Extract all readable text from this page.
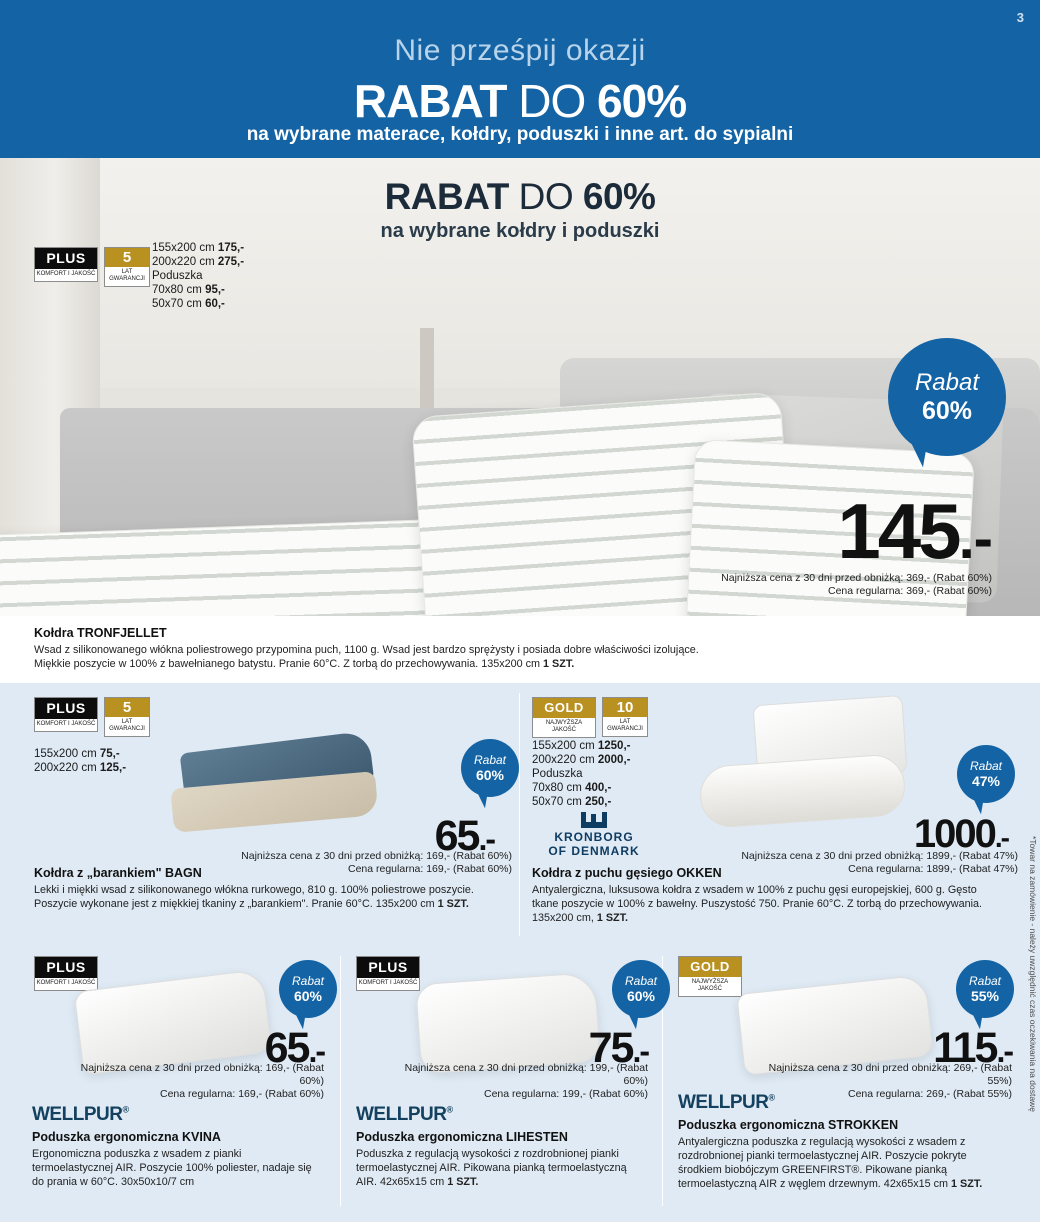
3
Nie prześpij okazji
RABAT DO 60%
na wybrane materace, kołdry, poduszki i inne art. do sypialni
RABAT DO 60%
na wybrane kołdry i poduszki
PLUS
KOMFORT I JAKOŚĆ
5
LAT GWARANCJI
155x200 cm 175,-
200x220 cm 275,-
Poduszka
70x80 cm 95,-
50x70 cm 60,-
Rabat
60%
145.-
Najniższa cena z 30 dni przed obniżką: 369,- (Rabat 60%)
Cena regularna: 369,- (Rabat 60%)
Kołdra TRONFJELLET
Wsad z silikonowanego włókna poliestrowego przypomina puch, 1100 g. Wsad jest bardzo sprężysty i posiada dobre właściwości izolujące. Miękkie poszycie w 100% z bawełnianego batystu. Pranie 60°C. Z torbą do przechowywania. 135x200 cm 1 SZT.
PLUS
KOMFORT I JAKOŚĆ
5
LAT GWARANCJI
155x200 cm 75,-
200x220 cm 125,-
Rabat
60%
65.-
Najniższa cena z 30 dni przed obniżką: 169,- (Rabat 60%)
Cena regularna: 169,- (Rabat 60%)
Kołdra z „barankiem" BAGN
Lekki i miękki wsad z silikonowanego włókna rurkowego, 810 g. 100% poliestrowe poszycie. Poszycie wykonane jest z miękkiej tkaniny z „barankiem". Pranie 60°C. 135x200 cm 1 SZT.
GOLD
NAJWYŻSZA JAKOŚĆ
10
LAT GWARANCJI
155x200 cm 1250,-
200x220 cm 2000,-
Poduszka
70x80 cm 400,-
50x70 cm 250,-
Rabat
47%
KRONBORG
OF DENMARK	1000.-
Najniższa cena z 30 dni przed obniżką: 1899,- (Rabat 47%)
Cena regularna: 1899,- (Rabat 47%)
Kołdra z puchu gęsiego OKKEN
Antyalergiczna, luksusowa kołdra z wsadem w 100% z puchu gęsi europejskiej, 600 g. Gęsto tkane poszycie w 100% z bawełny. Puszystość 750. Pranie 60°C. Z torbą do przechowywania. 135x200 cm, 1 SZT.
PLUS
KOMFORT I JAKOŚĆ	Rabat
60%
65.-
Najniższa cena z 30 dni przed obniżką: 169,- (Rabat 60%)
Cena regularna: 169,- (Rabat 60%)
WELLPUR®
Poduszka ergonomiczna KVINA
Ergonomiczna poduszka z wsadem z pianki termoelastycznej AIR. Poszycie 100% poliester, nadaje się do prania w 60°C. 30x50x10/7 cm
PLUS
KOMFORT I JAKOŚĆ	Rabat
60%
75.-
Najniższa cena z 30 dni przed obniżką: 199,- (Rabat 60%)
Cena regularna: 199,- (Rabat 60%)
WELLPUR®
Poduszka ergonomiczna LIHESTEN
Poduszka z regulacją wysokości z rozdrobnionej pianki termoelastycznej AIR. Pikowana pianką termoelastyczną AIR. 42x65x15 cm 1 SZT.
GOLD
NAJWYŻSZA JAKOŚĆ
Rabat
55%
115.-
Najniższa cena z 30 dni przed obniżką: 269,- (Rabat 55%)
Cena regularna: 269,- (Rabat 55%)
WELLPUR®
Poduszka ergonomiczna STROKKEN
Antyalergiczna poduszka z regulacją wysokości z wsadem z rozdrobnionej pianki termoelastycznej AIR. Poszycie pokryte środkiem biobójczym GREENFIRST®. Pikowane pianką termoelastyczną AIR z węglem drzewnym. 42x65x15 cm 1 SZT.
*Towar na zamówienie - należy uwzględnić czas oczekiwania na dostawę
